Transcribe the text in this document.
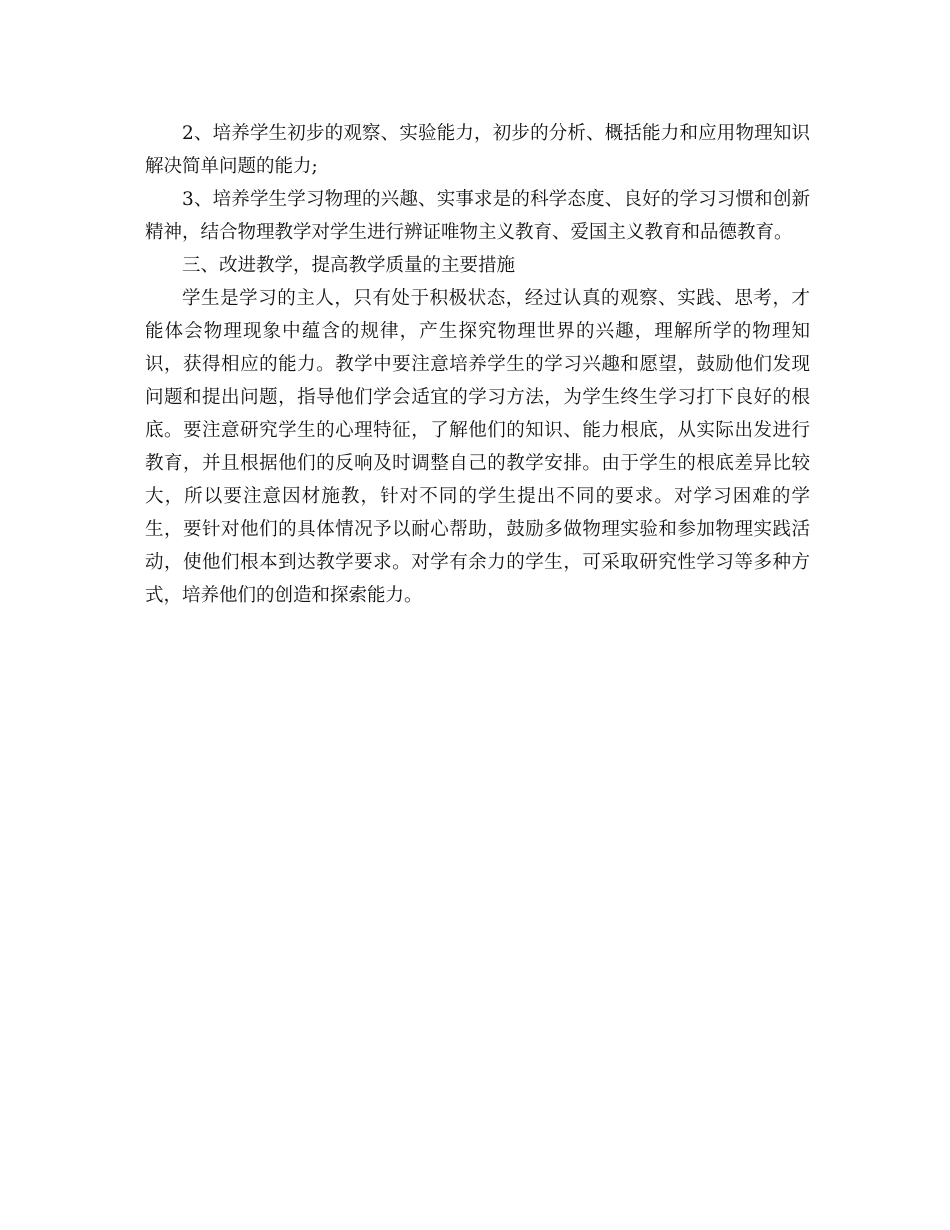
2、培养学生初步的观察、实验能力，初步的分析、概括能力和应用物理知识
解决简单问题的能力;
3、培养学生学习物理的兴趣、实事求是的科学态度、良好的学习习惯和创新
精神，结合物理教学对学生进行辨证唯物主义教育、爱国主义教育和品德教育。
三、改进教学，提高教学质量的主要措施
学生是学习的主人，只有处于积极状态，经过认真的观察、实践、思考，才
能体会物理现象中蕴含的规律，产生探究物理世界的兴趣，理解所学的物理知
识，获得相应的能力。教学中要注意培养学生的学习兴趣和愿望，鼓励他们发现
问题和提出问题，指导他们学会适宜的学习方法，为学生终生学习打下良好的根
底。要注意研究学生的心理特征，了解他们的知识、能力根底，从实际出发进行
教育，并且根据他们的反响及时调整自己的教学安排。由于学生的根底差异比较
大，所以要注意因材施教，针对不同的学生提出不同的要求。对学习困难的学
生，要针对他们的具体情况予以耐心帮助，鼓励多做物理实验和参加物理实践活
动，使他们根本到达教学要求。对学有余力的学生，可采取研究性学习等多种方
式，培养他们的创造和探索能力。
